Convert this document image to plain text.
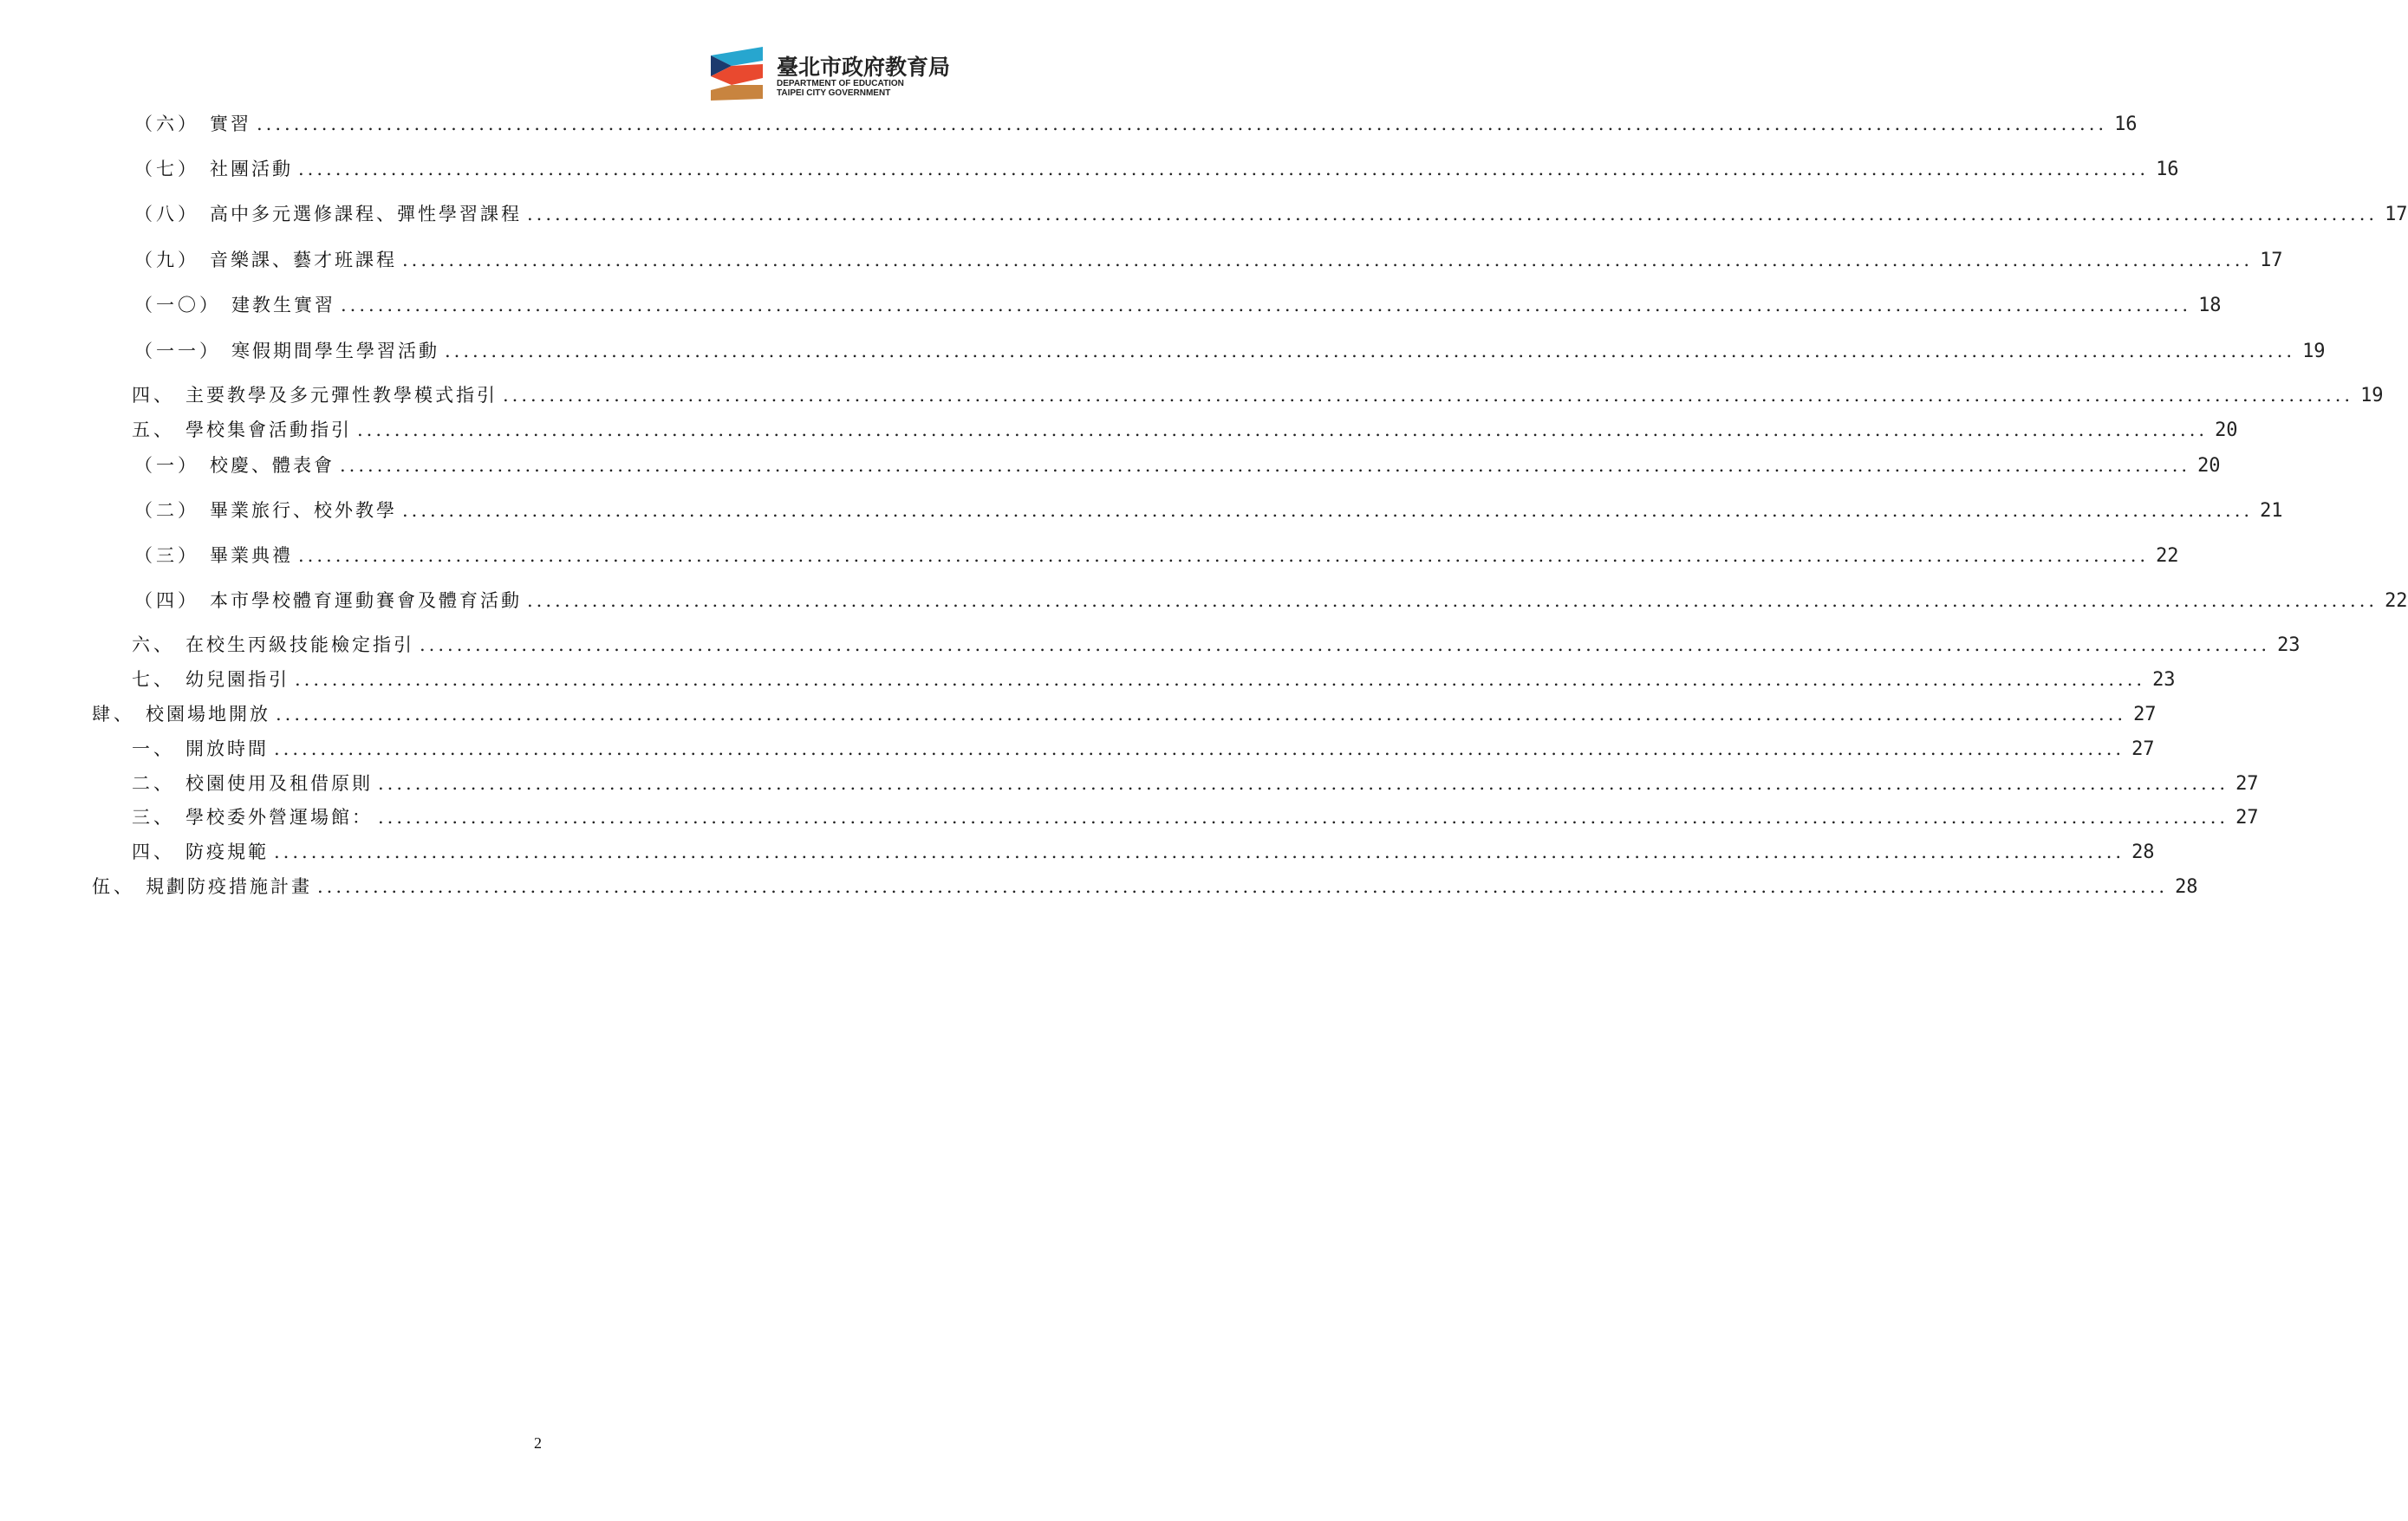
臺北市政府教育局
DEPARTMENT OF EDUCATION
TAIPEI CITY GOVERNMENT
（六） 實習 ........................................................................................................................................................................................................ 16
（七） 社團活動 ........................................................................................................................................................................................................ 16
（八） 高中多元選修課程、彈性學習課程 ........................................................................................................................................................................................................ 17
（九） 音樂課、藝才班課程 ........................................................................................................................................................................................................ 17
（一〇） 建教生實習 ........................................................................................................................................................................................................ 18
（一一） 寒假期間學生學習活動 ........................................................................................................................................................................................................ 19
四、 主要教學及多元彈性教學模式指引 ........................................................................................................................................................................................................ 19
五、 學校集會活動指引 ........................................................................................................................................................................................................ 20
（一） 校慶、體表會 ........................................................................................................................................................................................................ 20
（二） 畢業旅行、校外教學 ........................................................................................................................................................................................................ 21
（三） 畢業典禮 ........................................................................................................................................................................................................ 22
（四） 本市學校體育運動賽會及體育活動 ........................................................................................................................................................................................................ 22
六、 在校生丙級技能檢定指引 ........................................................................................................................................................................................................ 23
七、 幼兒園指引 ........................................................................................................................................................................................................ 23
肆、 校園場地開放 ........................................................................................................................................................................................................ 27
一、 開放時間 ........................................................................................................................................................................................................ 27
二、 校園使用及租借原則 ........................................................................................................................................................................................................ 27
三、 學校委外營運場館： ........................................................................................................................................................................................................ 27
四、 防疫規範 ........................................................................................................................................................................................................ 28
伍、 規劃防疫措施計畫 ........................................................................................................................................................................................................ 28
2
